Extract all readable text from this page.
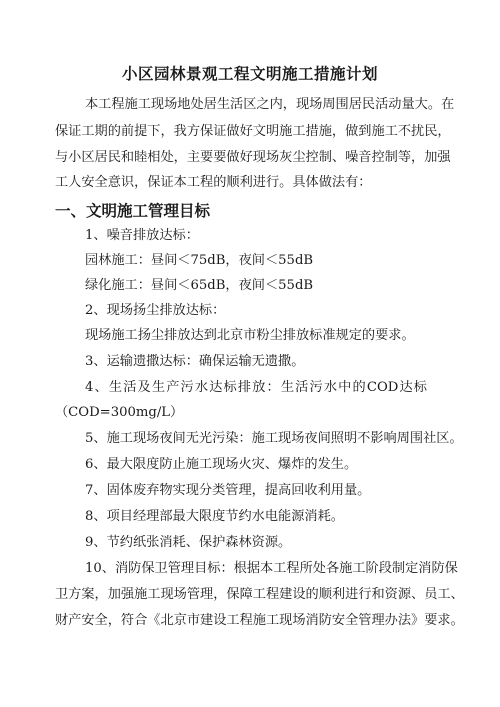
小区园林景观工程文明施工措施计划
本工程施工现场地处居生活区之内，现场周围居民活动量大。在
保证工期的前提下，我方保证做好文明施工措施，做到施工不扰民，
与小区居民和睦相处，主要要做好现场灰尘控制、噪音控制等，加强
工人安全意识，保证本工程的顺利进行。具体做法有：
一、文明施工管理目标
1、噪音排放达标：
园林施工：昼间＜75dB，夜间＜55dB
绿化施工：昼间＜65dB，夜间＜55dB
2、现场扬尘排放达标：
现场施工扬尘排放达到北京市粉尘排放标准规定的要求。
3、运输遗撒达标：确保运输无遗撒。
4、生活及生产污水达标排放：生活污水中的COD达标
（COD=300mg/L）
5、施工现场夜间无光污染：施工现场夜间照明不影响周围社区。
6、最大限度防止施工现场火灾、爆炸的发生。
7、固体废弃物实现分类管理，提高回收利用量。
8、项目经理部最大限度节约水电能源消耗。
9、节约纸张消耗、保护森林资源。
10、消防保卫管理目标：根据本工程所处各施工阶段制定消防保
卫方案，加强施工现场管理，保障工程建设的顺利进行和资源、员工、
财产安全，符合《北京市建设工程施工现场消防安全管理办法》要求。
